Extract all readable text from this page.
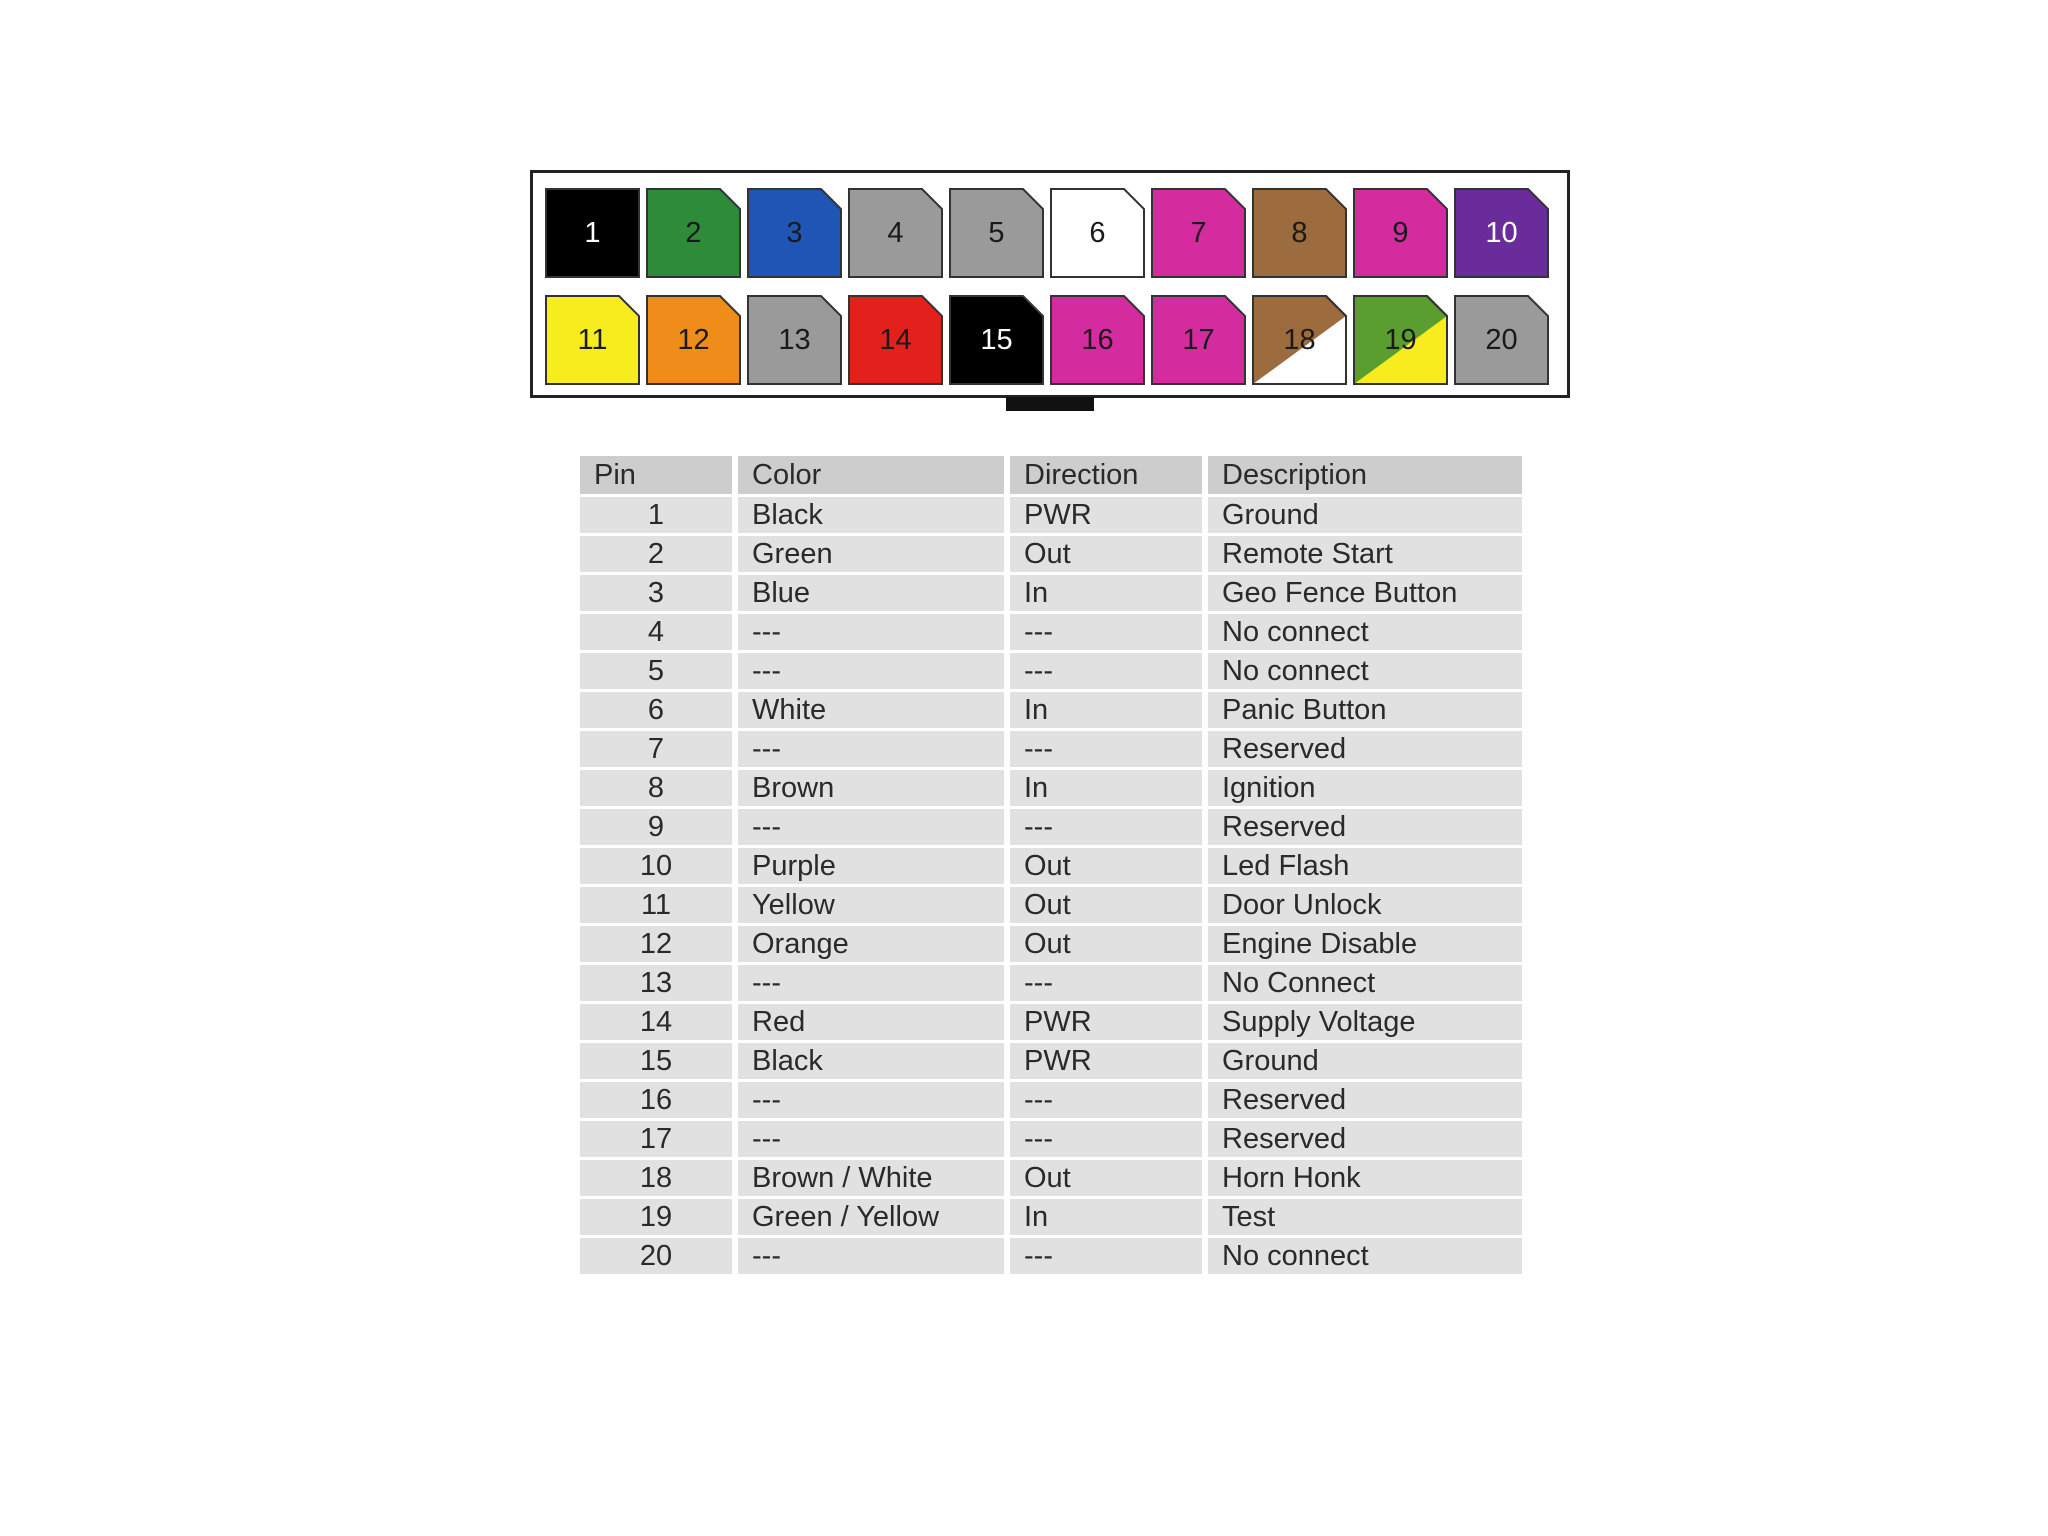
1	2	3	4	5	6	7	8	9	10
11	12	13	14	15	16	17	18	19	20
Pin	Color	Direction	Description
1	Black	PWR	Ground
2	Green	Out	Remote Start
3	Blue	In	Geo Fence Button
4	---	---	No connect
5	---	---	No connect
6	White	In	Panic Button
7	---	---	Reserved
8	Brown	In	Ignition
9	---	---	Reserved
10	Purple	Out	Led Flash
11	Yellow	Out	Door Unlock
12	Orange	Out	Engine Disable
13	---	---	No Connect
14	Red	PWR	Supply Voltage
15	Black	PWR	Ground
16	---	---	Reserved
17	---	---	Reserved
18	Brown / White	Out	Horn Honk
19	Green / Yellow	In	Test
20	---	---	No connect
